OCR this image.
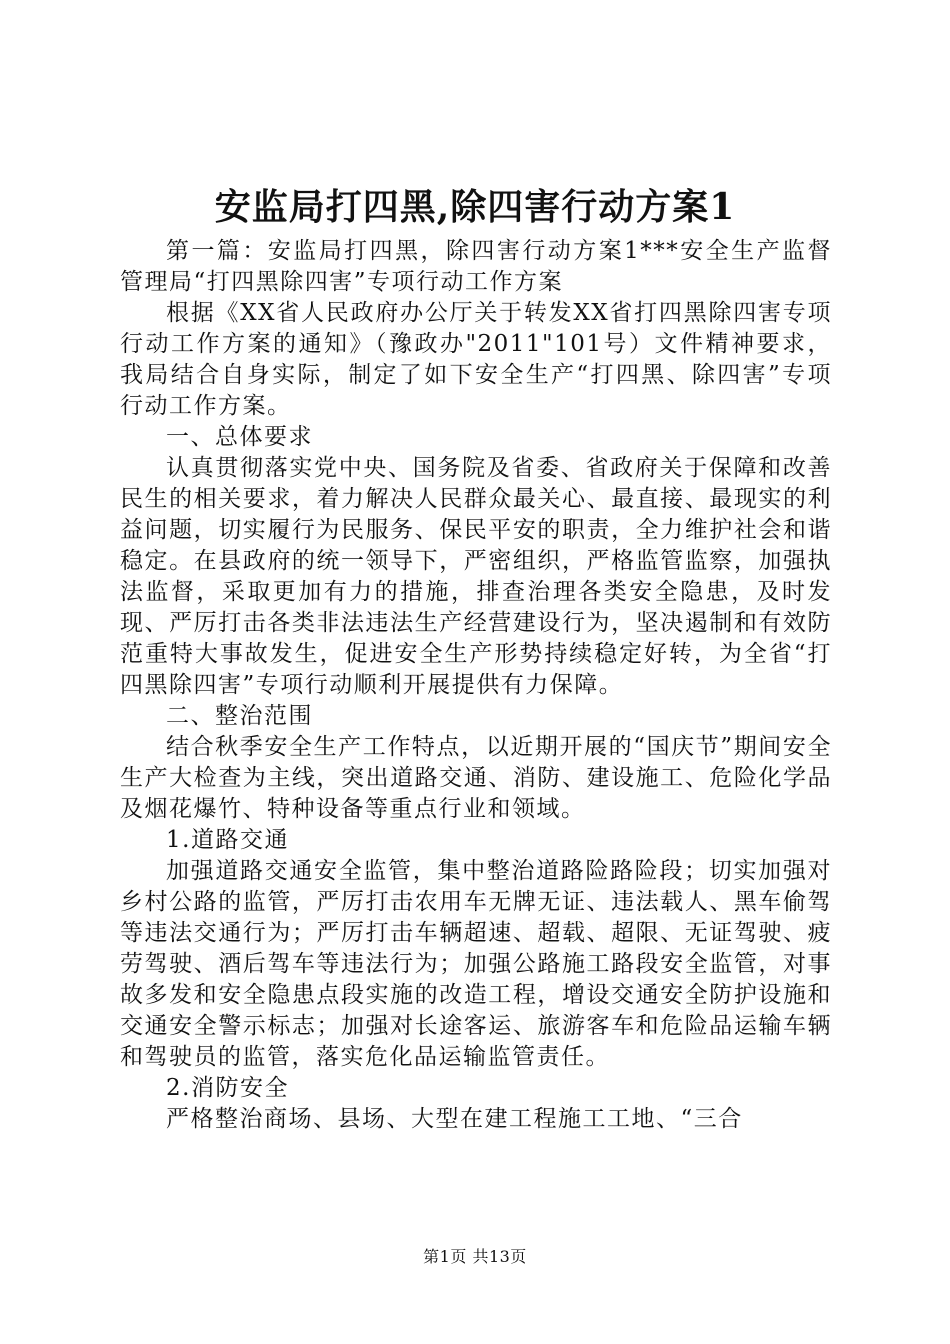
安监局打四黑,除四害行动方案1

第一篇：安监局打四黑，除四害行动方案1***安全生产监督管理局“打四黑除四害”专项行动工作方案

根据《XX省人民政府办公厅关于转发XX省打四黑除四害专项行动工作方案的通知》（豫政办"2011"101号）文件精神要求，我局结合自身实际，制定了如下安全生产“打四黑、除四害”专项行动工作方案。

一、总体要求

认真贯彻落实党中央、国务院及省委、省政府关于保障和改善民生的相关要求，着力解决人民群众最关心、最直接、最现实的利益问题，切实履行为民服务、保民平安的职责，全力维护社会和谐稳定。在县政府的统一领导下，严密组织，严格监管监察，加强执法监督，采取更加有力的措施，排查治理各类安全隐患，及时发现、严厉打击各类非法违法生产经营建设行为，坚决遏制和有效防范重特大事故发生，促进安全生产形势持续稳定好转，为全省“打四黑除四害”专项行动顺利开展提供有力保障。

二、整治范围

结合秋季安全生产工作特点，以近期开展的“国庆节”期间安全生产大检查为主线，突出道路交通、消防、建设施工、危险化学品及烟花爆竹、特种设备等重点行业和领域。

1.道路交通

加强道路交通安全监管，集中整治道路险路险段；切实加强对乡村公路的监管，严厉打击农用车无牌无证、违法载人、黑车偷驾等违法交通行为；严厉打击车辆超速、超载、超限、无证驾驶、疲劳驾驶、酒后驾车等违法行为；加强公路施工路段安全监管，对事故多发和安全隐患点段实施的改造工程，增设交通安全防护设施和交通安全警示标志；加强对长途客运、旅游客车和危险品运输车辆和驾驶员的监管，落实危化品运输监管责任。

2.消防安全

严格整治商场、县场、大型在建工程施工工地、“三合

第1页 共13页
